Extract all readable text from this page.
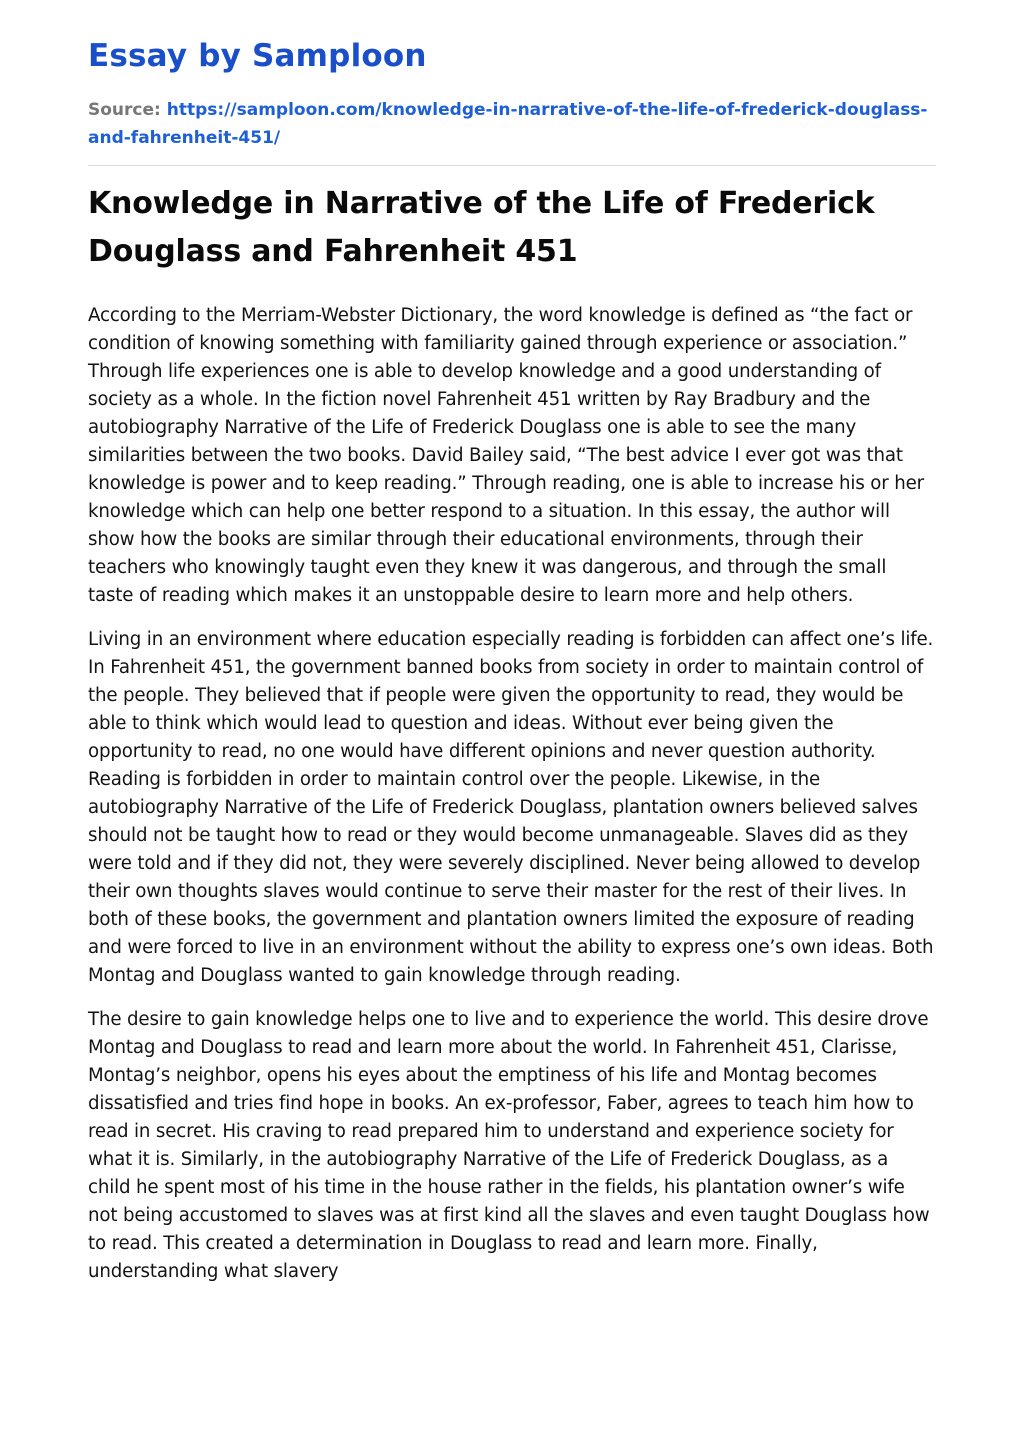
Essay by Samploon
Source: https://samploon.com/knowledge-in-narrative-of-the-life-of-frederick-douglass-and-fahrenheit-451/
Knowledge in Narrative of the Life of Frederick Douglass and Fahrenheit 451

According to the Merriam-Webster Dictionary, the word knowledge is defined as “the fact or condition of knowing something with familiarity gained through experience or association.” Through life experiences one is able to develop knowledge and a good understanding of society as a whole. In the fiction novel Fahrenheit 451 written by Ray Bradbury and the autobiography Narrative of the Life of Frederick Douglass one is able to see the many similarities between the two books. David Bailey said, “The best advice I ever got was that knowledge is power and to keep reading.” Through reading, one is able to increase his or her knowledge which can help one better respond to a situation. In this essay, the author will show how the books are similar through their educational environments, through their teachers who knowingly taught even they knew it was dangerous, and through the small taste of reading which makes it an unstoppable desire to learn more and help others.

Living in an environment where education especially reading is forbidden can affect one’s life. In Fahrenheit 451, the government banned books from society in order to maintain control of the people. They believed that if people were given the opportunity to read, they would be able to think which would lead to question and ideas. Without ever being given the opportunity to read, no one would have different opinions and never question authority. Reading is forbidden in order to maintain control over the people. Likewise, in the autobiography Narrative of the Life of Frederick Douglass, plantation owners believed salves should not be taught how to read or they would become unmanageable. Slaves did as they were told and if they did not, they were severely disciplined. Never being allowed to develop their own thoughts slaves would continue to serve their master for the rest of their lives. In both of these books, the government and plantation owners limited the exposure of reading and were forced to live in an environment without the ability to express one’s own ideas. Both Montag and Douglass wanted to gain knowledge through reading.

The desire to gain knowledge helps one to live and to experience the world. This desire drove Montag and Douglass to read and learn more about the world. In Fahrenheit 451, Clarisse, Montag’s neighbor, opens his eyes about the emptiness of his life and Montag becomes dissatisfied and tries find hope in books. An ex-professor, Faber, agrees to teach him how to read in secret. His craving to read prepared him to understand and experience society for what it is. Similarly, in the autobiography Narrative of the Life of Frederick Douglass, as a child he spent most of his time in the house rather in the fields, his plantation owner’s wife not being accustomed to slaves was at first kind all the slaves and even taught Douglass how to read. This created a determination in Douglass to read and learn more. Finally, understanding what slavery
